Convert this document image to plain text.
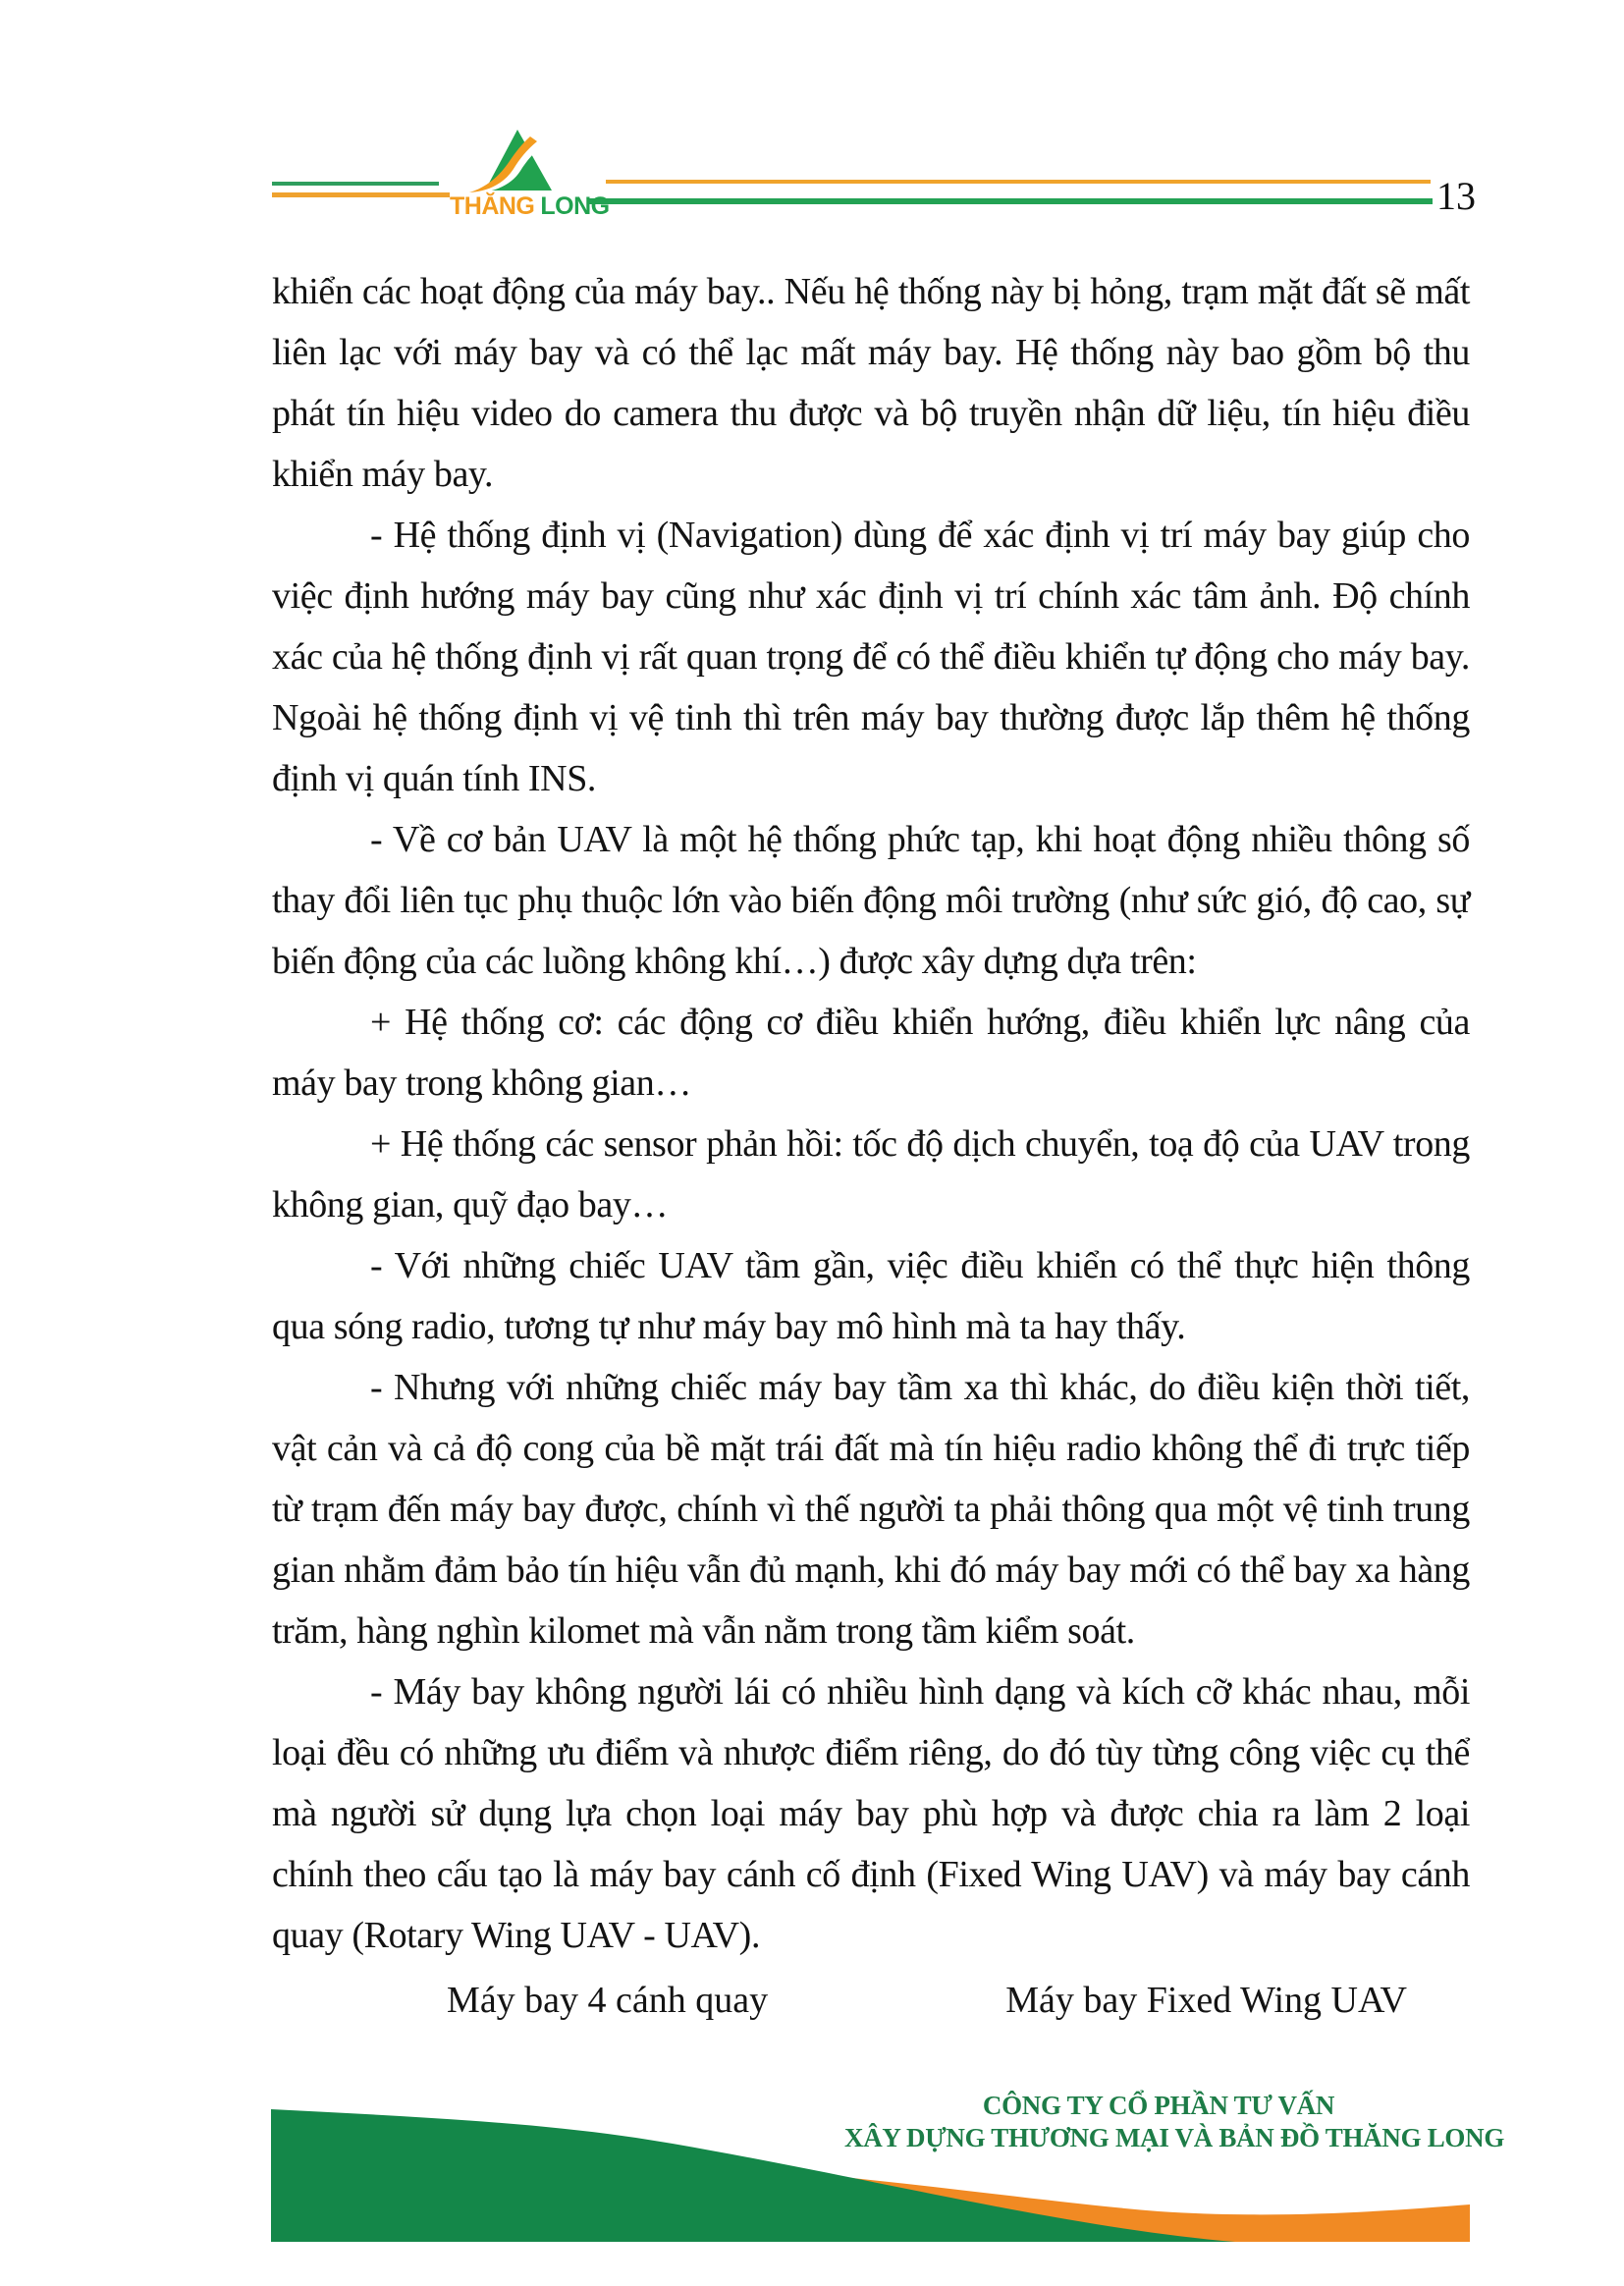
THĂNG LONG	13

khiển các hoạt động của máy bay.. Nếu hệ thống này bị hỏng, trạm mặt đất sẽ mất liên lạc với máy bay và có thể lạc mất máy bay. Hệ thống này bao gồm bộ thu phát tín hiệu video do camera thu được và bộ truyền nhận dữ liệu, tín hiệu điều khiển máy bay.

- Hệ thống định vị (Navigation) dùng để xác định vị trí máy bay giúp cho việc định hướng máy bay cũng như xác định vị trí chính xác tâm ảnh. Độ chính xác của hệ thống định vị rất quan trọng để có thể điều khiển tự động cho máy bay. Ngoài hệ thống định vị vệ tinh thì trên máy bay thường được lắp thêm hệ thống định vị quán tính INS.

- Về cơ bản UAV là một hệ thống phức tạp, khi hoạt động nhiều thông số thay đổi liên tục phụ thuộc lớn vào biến động môi trường (như sức gió, độ cao, sự biến động của các luồng không khí…) được xây dựng dựa trên:

+ Hệ thống cơ: các động cơ điều khiển hướng, điều khiển lực nâng của máy bay trong không gian…

+ Hệ thống các sensor phản hồi: tốc độ dịch chuyển, toạ độ của UAV trong không gian, quỹ đạo bay…

- Với những chiếc UAV tầm gần, việc điều khiển có thể thực hiện thông qua sóng radio, tương tự như máy bay mô hình mà ta hay thấy.

- Nhưng với những chiếc máy bay tầm xa thì khác, do điều kiện thời tiết, vật cản và cả độ cong của bề mặt trái đất mà tín hiệu radio không thể đi trực tiếp từ trạm đến máy bay được, chính vì thế người ta phải thông qua một vệ tinh trung gian nhằm đảm bảo tín hiệu vẫn đủ mạnh, khi đó máy bay mới có thể bay xa hàng trăm, hàng nghìn kilomet mà vẫn nằm trong tầm kiểm soát.

- Máy bay không người lái có nhiều hình dạng và kích cỡ khác nhau, mỗi loại đều có những ưu điểm và nhược điểm riêng, do đó tùy từng công việc cụ thể mà người sử dụng lựa chọn loại máy bay phù hợp và được chia ra làm 2 loại chính theo cấu tạo là máy bay cánh cố định (Fixed Wing UAV) và máy bay cánh quay (Rotary Wing UAV - UAV).

Máy bay 4 cánh quay	Máy bay Fixed Wing UAV
CÔNG TY CỔ PHẦN TƯ VẤN
XÂY DỰNG THƯƠNG MẠI VÀ BẢN ĐỒ THĂNG LONG
